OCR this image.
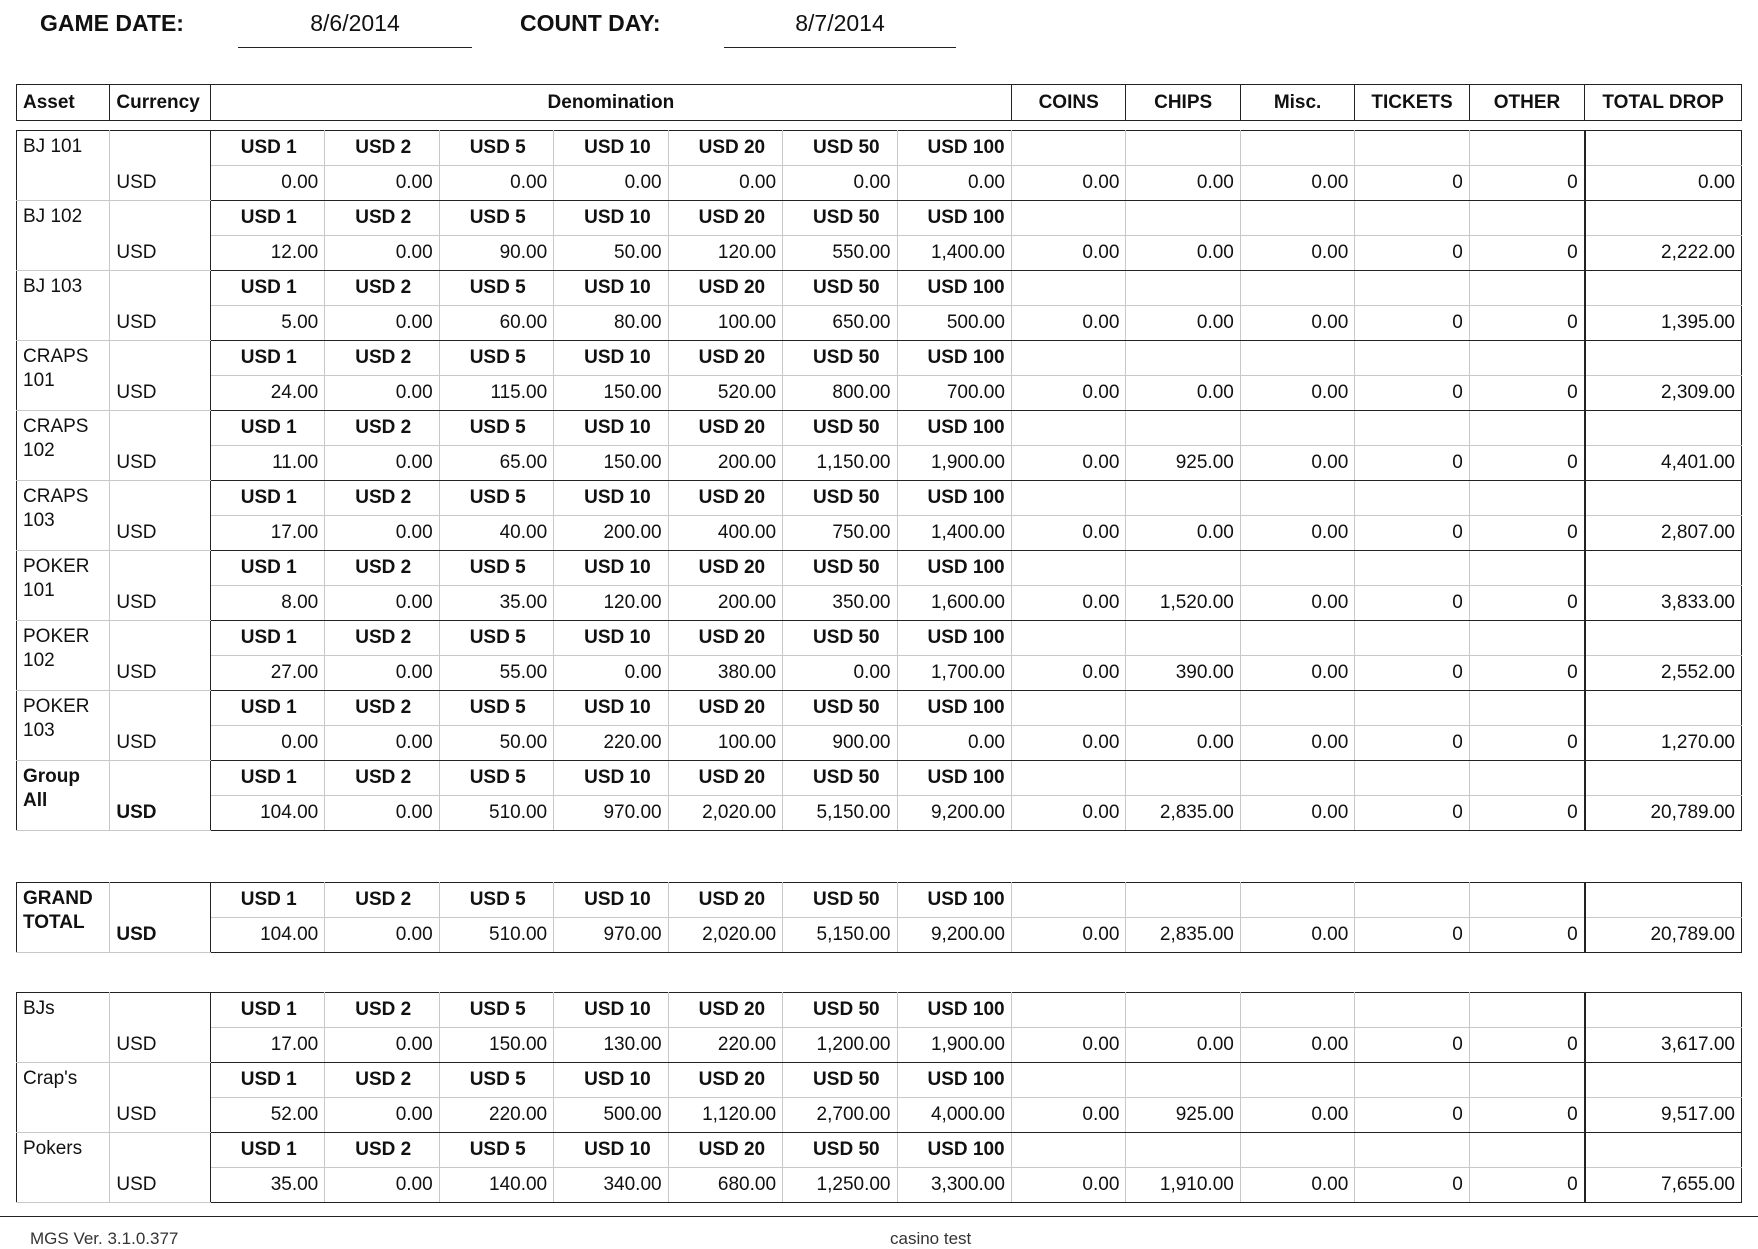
GAME DATE:	8/6/2014	COUNT DAY:	8/7/2014
Asset	Currency	Denomination	COINS	CHIPS	Misc.	TICKETS	OTHER	TOTAL DROP
BJ 101	USD	USD 1	USD 2	USD 5	USD 10	USD 20	USD 50	USD 100						
		0.00	0.00	0.00	0.00	0.00	0.00	0.00	0.00	0.00	0.00	0	0	0.00
BJ 102	USD	USD 1	USD 2	USD 5	USD 10	USD 20	USD 50	USD 100						
		12.00	0.00	90.00	50.00	120.00	550.00	1,400.00	0.00	0.00	0.00	0	0	2,222.00
BJ 103	USD	USD 1	USD 2	USD 5	USD 10	USD 20	USD 50	USD 100						
		5.00	0.00	60.00	80.00	100.00	650.00	500.00	0.00	0.00	0.00	0	0	1,395.00
CRAPS 101	USD	USD 1	USD 2	USD 5	USD 10	USD 20	USD 50	USD 100						
		24.00	0.00	115.00	150.00	520.00	800.00	700.00	0.00	0.00	0.00	0	0	2,309.00
CRAPS 102	USD	USD 1	USD 2	USD 5	USD 10	USD 20	USD 50	USD 100						
		11.00	0.00	65.00	150.00	200.00	1,150.00	1,900.00	0.00	925.00	0.00	0	0	4,401.00
CRAPS 103	USD	USD 1	USD 2	USD 5	USD 10	USD 20	USD 50	USD 100						
		17.00	0.00	40.00	200.00	400.00	750.00	1,400.00	0.00	0.00	0.00	0	0	2,807.00
POKER 101	USD	USD 1	USD 2	USD 5	USD 10	USD 20	USD 50	USD 100						
		8.00	0.00	35.00	120.00	200.00	350.00	1,600.00	0.00	1,520.00	0.00	0	0	3,833.00
POKER 102	USD	USD 1	USD 2	USD 5	USD 10	USD 20	USD 50	USD 100						
		27.00	0.00	55.00	0.00	380.00	0.00	1,700.00	0.00	390.00	0.00	0	0	2,552.00
POKER 103	USD	USD 1	USD 2	USD 5	USD 10	USD 20	USD 50	USD 100						
		0.00	0.00	50.00	220.00	100.00	900.00	0.00	0.00	0.00	0.00	0	0	1,270.00
Group All	USD	USD 1	USD 2	USD 5	USD 10	USD 20	USD 50	USD 100						
		104.00	0.00	510.00	970.00	2,020.00	5,150.00	9,200.00	0.00	2,835.00	0.00	0	0	20,789.00
GRAND TOTAL	USD	USD 1	USD 2	USD 5	USD 10	USD 20	USD 50	USD 100						
		104.00	0.00	510.00	970.00	2,020.00	5,150.00	9,200.00	0.00	2,835.00	0.00	0	0	20,789.00
BJs	USD	USD 1	USD 2	USD 5	USD 10	USD 20	USD 50	USD 100						
		17.00	0.00	150.00	130.00	220.00	1,200.00	1,900.00	0.00	0.00	0.00	0	0	3,617.00
Crap's	USD	USD 1	USD 2	USD 5	USD 10	USD 20	USD 50	USD 100						
		52.00	0.00	220.00	500.00	1,120.00	2,700.00	4,000.00	0.00	925.00	0.00	0	0	9,517.00
Pokers	USD	USD 1	USD 2	USD 5	USD 10	USD 20	USD 50	USD 100						
		35.00	0.00	140.00	340.00	680.00	1,250.00	3,300.00	0.00	1,910.00	0.00	0	0	7,655.00
MGS Ver. 3.1.0.377	casino test
